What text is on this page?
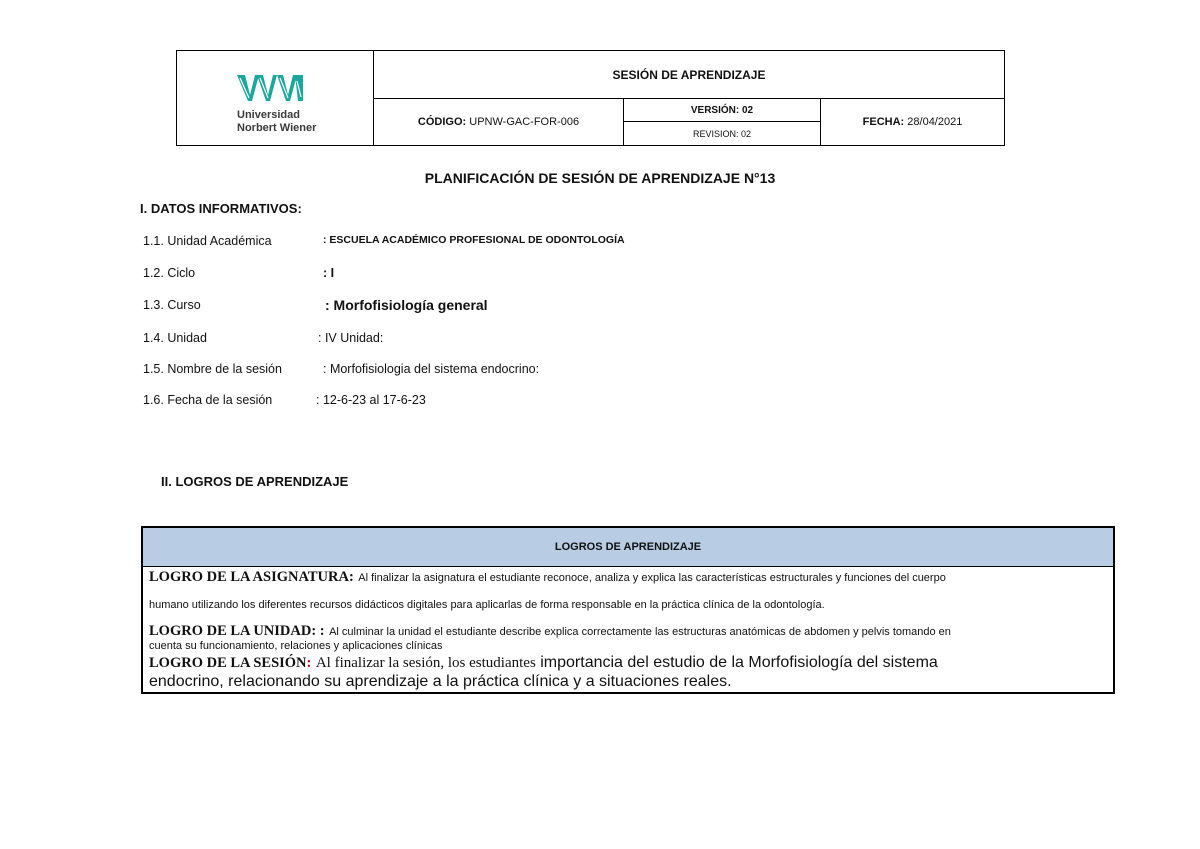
Universidad
Norbert Wiener
SESIÓN DE APRENDIZAJE
CÓDIGO:
UPNW-GAC-FOR-006
VERSIÓN: 02
REVISION: 02
FECHA:
28/04/2021
PLANIFICACIÓN DE SESIÓN DE APRENDIZAJE N°13
I. DATOS INFORMATIVOS:
1.1. Unidad Académica	: ESCUELA ACADÉMICO PROFESIONAL DE ODONTOLOGÍA
1.2. Ciclo	: I
1.3. Curso	: Morfofisiología general
1.4. Unidad	: IV Unidad:
1.5. Nombre de la sesión	: Morfofisiologia del sistema endocrino:
1.6. Fecha de la sesión	: 12-6-23 al 17-6-23
II. LOGROS DE APRENDIZAJE
LOGROS DE APRENDIZAJE
LOGRO DE LA ASIGNATURA: Al finalizar la asignatura el estudiante reconoce, analiza y explica las características estructurales y funciones del cuerpo
humano utilizando los diferentes recursos didácticos digitales para aplicarlas de forma responsable en la práctica clínica de la odontología.
LOGRO DE LA UNIDAD: : Al culminar la unidad el estudiante describe explica correctamente las estructuras anatómicas de abdomen y pelvis tomando en
cuenta su funcionamiento, relaciones y aplicaciones clínicas
LOGRO DE LA SESIÓN: Al finalizar la sesión, los estudiantes importancia del estudio de la Morfofisiología del sistema
endocrino, relacionando su aprendizaje a la práctica clínica y a situaciones reales.
